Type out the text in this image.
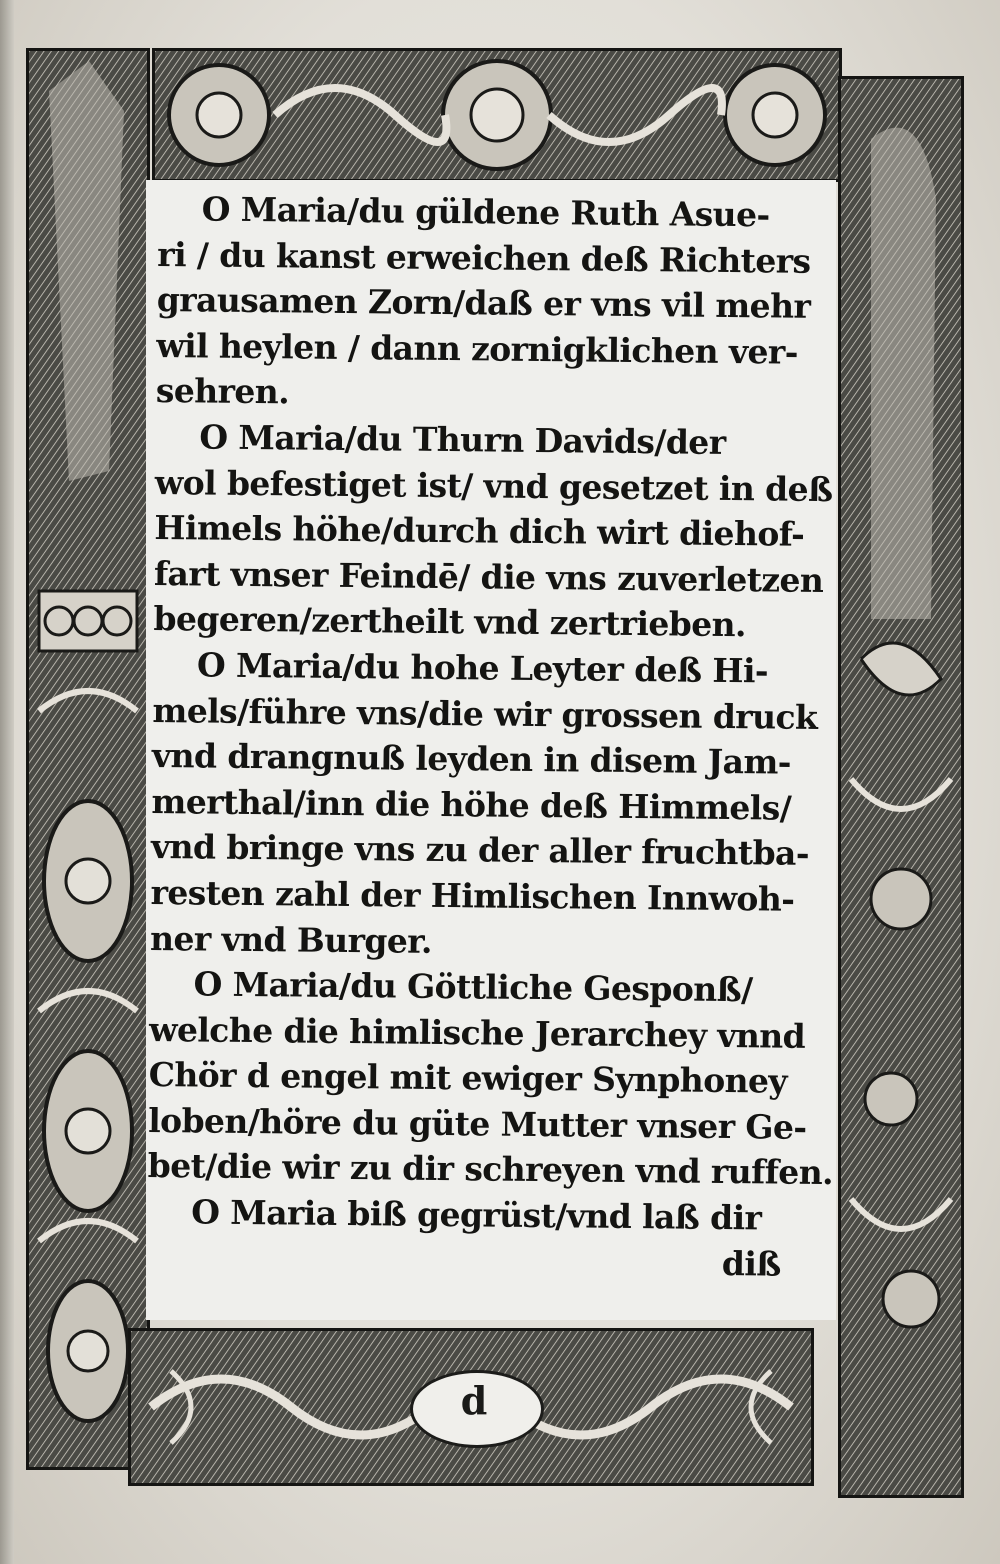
O Maria/du güldene Ruth Asue-
ri / du kanst erweichen deß Richters
grausamen Zorn/daß er vns vil mehr
wil heylen / dann zornigklichen ver-
sehren.
O Maria/du Thurn Davids/der
wol befestiget ist/ vnd gesetzet in deß
Himels höhe/durch dich wirt diehof-
fart vnser Feindē/ die vns zuverletzen
begeren/zertheilt vnd zertrieben.
O Maria/du hohe Leyter deß Hi-
mels/führe vns/die wir grossen druck
vnd drangnuß leyden in disem Jam-
merthal/inn die höhe deß Himmels/
vnd bringe vns zu der aller fruchtba-
resten zahl der Himlischen Innwoh-
ner vnd Burger.
O Maria/du Göttliche Gesponß/
welche die himlische Jerarchey vnnd
Chör d engel mit ewiger Synphoney
loben/höre du güte Mutter vnser Ge-
bet/die wir zu dir schreyen vnd ruffen.
O Maria biß gegrüst/vnd laß dir
diß
d
